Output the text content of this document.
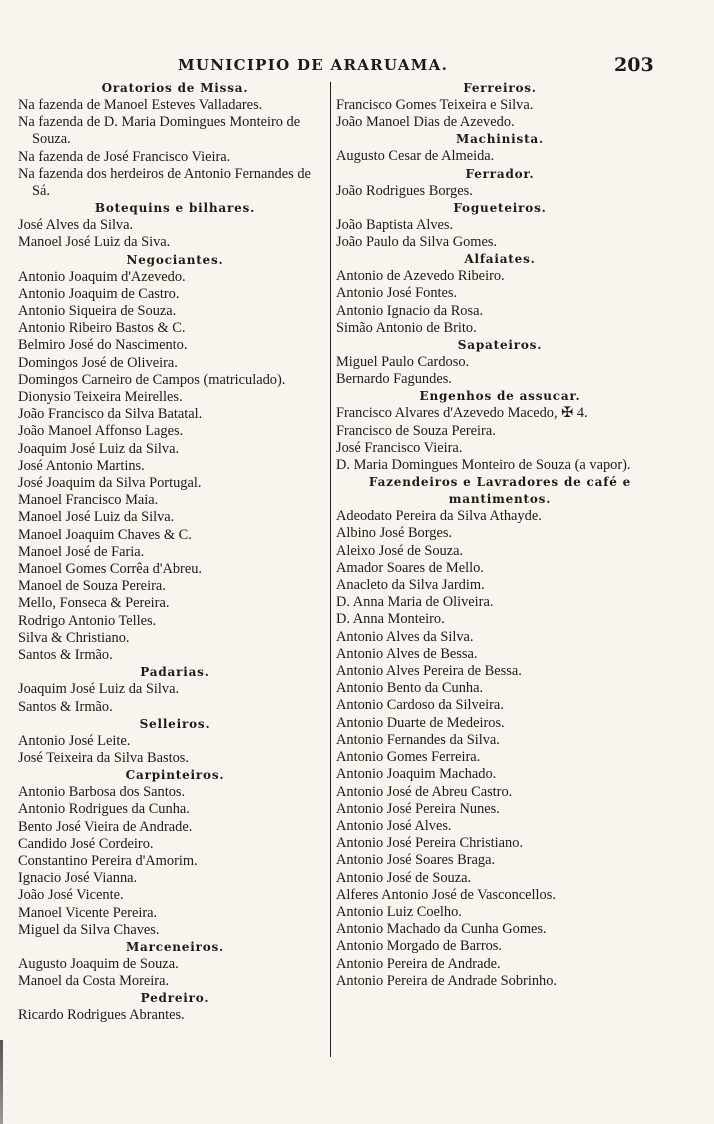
MUNICIPIO DE ARARUAMA.	203
Oratorios de Missa.
Na fazenda de Manoel Esteves Valladares.
Na fazenda de D. Maria Domingues Monteiro de Souza.
Na fazenda de José Francisco Vieira.
Na fazenda dos herdeiros de Antonio Fernandes de Sá.
Botequins e bilhares.
José Alves da Silva.
Manoel José Luiz da Siva.
Negociantes.
Antonio Joaquim d'Azevedo.
Antonio Joaquim de Castro.
Antonio Siqueira de Souza.
Antonio Ribeiro Bastos & C.
Belmiro José do Nascimento.
Domingos José de Oliveira.
Domingos Carneiro de Campos (matriculado).
Dionysio Teixeira Meirelles.
João Francisco da Silva Batatal.
João Manoel Affonso Lages.
Joaquim José Luiz da Silva.
José Antonio Martins.
José Joaquim da Silva Portugal.
Manoel Francisco Maia.
Manoel José Luiz da Silva.
Manoel Joaquim Chaves & C.
Manoel José de Faria.
Manoel Gomes Corrêa d'Abreu.
Manoel de Souza Pereira.
Mello, Fonseca & Pereira.
Rodrigo Antonio Telles.
Silva & Christiano.
Santos & Irmão.
Padarias.
Joaquim José Luiz da Silva.
Santos & Irmão.
Selleiros.
Antonio José Leite.
José Teixeira da Silva Bastos.
Carpinteiros.
Antonio Barbosa dos Santos.
Antonio Rodrigues da Cunha.
Bento José Vieira de Andrade.
Candido José Cordeiro.
Constantino Pereira d'Amorim.
Ignacio José Vianna.
João José Vicente.
Manoel Vicente Pereira.
Miguel da Silva Chaves.
Marceneiros.
Augusto Joaquim de Souza.
Manoel da Costa Moreira.
Pedreiro.
Ricardo Rodrigues Abrantes.
Ferreiros.
Francisco Gomes Teixeira e Silva.
João Manoel Dias de Azevedo.
Machinista.
Augusto Cesar de Almeida.
Ferrador.
João Rodrigues Borges.
Fogueteiros.
João Baptista Alves.
João Paulo da Silva Gomes.
Alfaiates.
Antonio de Azevedo Ribeiro.
Antonio José Fontes.
Antonio Ignacio da Rosa.
Simão Antonio de Brito.
Sapateiros.
Miguel Paulo Cardoso.
Bernardo Fagundes.
Engenhos de assucar.
Francisco Alvares d'Azevedo Macedo, ✠ 4.
Francisco de Souza Pereira.
José Francisco Vieira.
D. Maria Domingues Monteiro de Souza (a vapor).
Fazendeiros e Lavradores de café e mantimentos.
Adeodato Pereira da Silva Athayde.
Albino José Borges.
Aleixo José de Souza.
Amador Soares de Mello.
Anacleto da Silva Jardim.
D. Anna Maria de Oliveira.
D. Anna Monteiro.
Antonio Alves da Silva.
Antonio Alves de Bessa.
Antonio Alves Pereira de Bessa.
Antonio Bento da Cunha.
Antonio Cardoso da Silveira.
Antonio Duarte de Medeiros.
Antonio Fernandes da Silva.
Antonio Gomes Ferreira.
Antonio Joaquim Machado.
Antonio José de Abreu Castro.
Antonio José Pereira Nunes.
Antonio José Alves.
Antonio José Pereira Christiano.
Antonio José Soares Braga.
Antonio José de Souza.
Alferes Antonio José de Vasconcellos.
Antonio Luiz Coelho.
Antonio Machado da Cunha Gomes.
Antonio Morgado de Barros.
Antonio Pereira de Andrade.
Antonio Pereira de Andrade Sobrinho.
